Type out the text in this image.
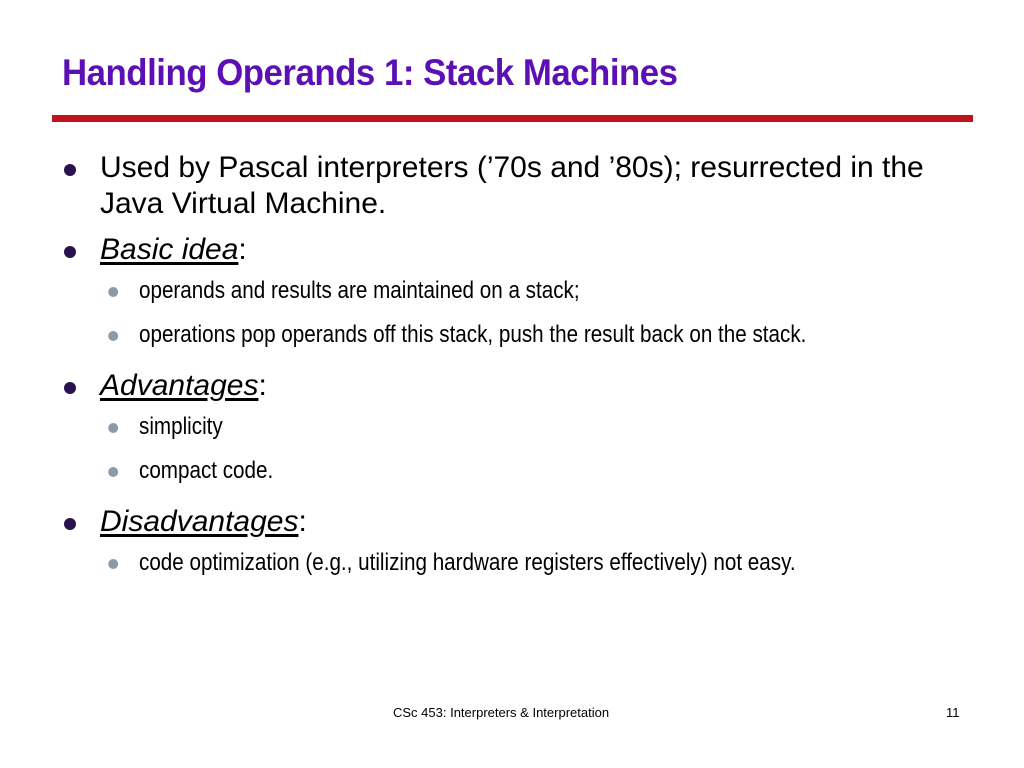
Handling Operands 1: Stack Machines
Used by Pascal interpreters (’70s and ’80s); resurrected in the Java Virtual Machine.
Basic idea:
operands and results are maintained on a stack;
operations pop operands off this stack, push the result back on the stack.
Advantages:
simplicity
compact code.
Disadvantages:
code optimization (e.g., utilizing hardware registers effectively) not easy.
CSc 453: Interpreters & Interpretation	11
